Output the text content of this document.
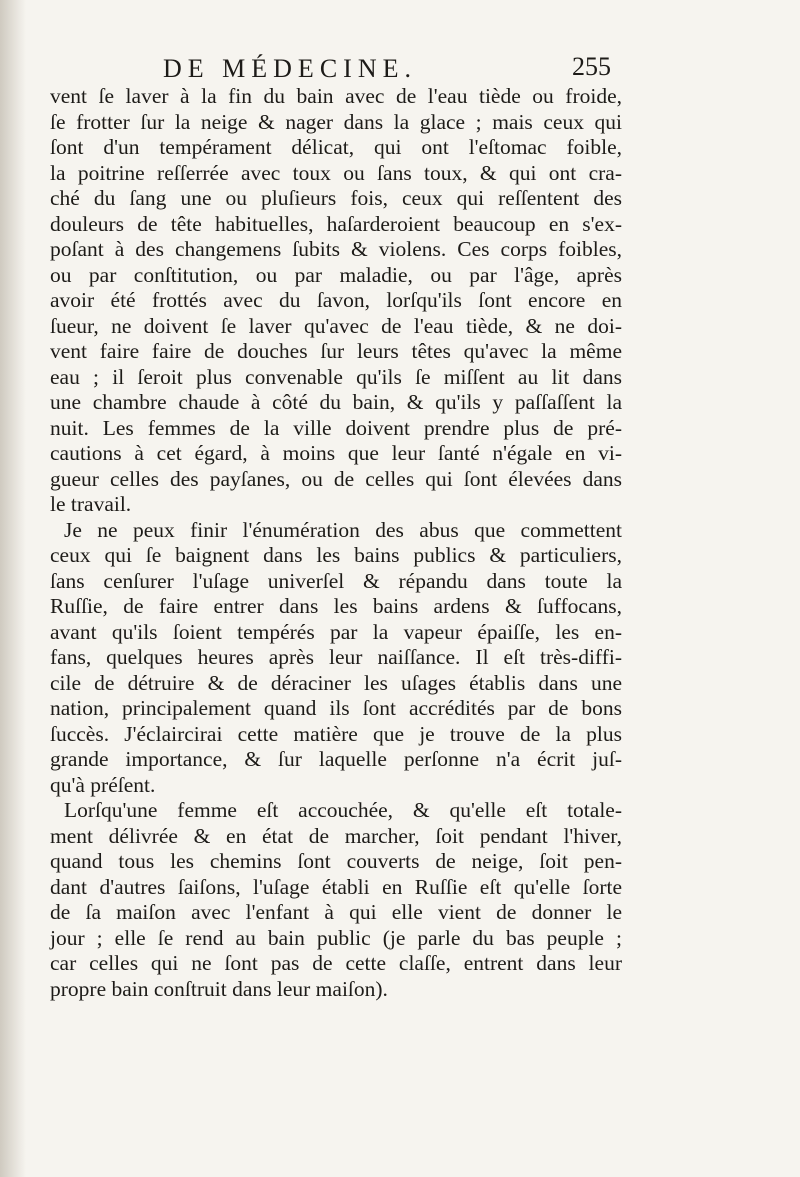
DE MÉDECINE.	255
vent ſe laver à la fin du bain avec de l'eau tiède ou froide,
ſe frotter ſur la neige & nager dans la glace ; mais ceux qui
ſont d'un tempérament délicat, qui ont l'eſtomac foible,
la poitrine reſſerrée avec toux ou ſans toux, & qui ont cra-
ché du ſang une ou pluſieurs fois, ceux qui reſſentent des
douleurs de tête habituelles, haſarderoient beaucoup en s'ex-
poſant à des changemens ſubits & violens. Ces corps foibles,
ou par conſtitution, ou par maladie, ou par l'âge, après
avoir été frottés avec du ſavon, lorſqu'ils ſont encore en
ſueur, ne doivent ſe laver qu'avec de l'eau tiède, & ne doi-
vent faire faire de douches ſur leurs têtes qu'avec la même
eau ; il ſeroit plus convenable qu'ils ſe miſſent au lit dans
une chambre chaude à côté du bain, & qu'ils y paſſaſſent la
nuit. Les femmes de la ville doivent prendre plus de pré-
cautions à cet égard, à moins que leur ſanté n'égale en vi-
gueur celles des payſanes, ou de celles qui ſont élevées dans
le travail.
Je ne peux finir l'énumération des abus que commettent
ceux qui ſe baignent dans les bains publics & particuliers,
ſans cenſurer l'uſage univerſel & répandu dans toute la
Ruſſie, de faire entrer dans les bains ardens & ſuffocans,
avant qu'ils ſoient tempérés par la vapeur épaiſſe, les en-
fans, quelques heures après leur naiſſance. Il eſt très-diffi-
cile de détruire & de déraciner les uſages établis dans une
nation, principalement quand ils ſont accrédités par de bons
ſuccès. J'éclaircirai cette matière que je trouve de la plus
grande importance, & ſur laquelle perſonne n'a écrit juſ-
qu'à préſent.
Lorſqu'une femme eſt accouchée, & qu'elle eſt totale-
ment délivrée & en état de marcher, ſoit pendant l'hiver,
quand tous les chemins ſont couverts de neige, ſoit pen-
dant d'autres ſaiſons, l'uſage établi en Ruſſie eſt qu'elle ſorte
de ſa maiſon avec l'enfant à qui elle vient de donner le
jour ; elle ſe rend au bain public (je parle du bas peuple ;
car celles qui ne ſont pas de cette claſſe, entrent dans leur
propre bain conſtruit dans leur maiſon).
